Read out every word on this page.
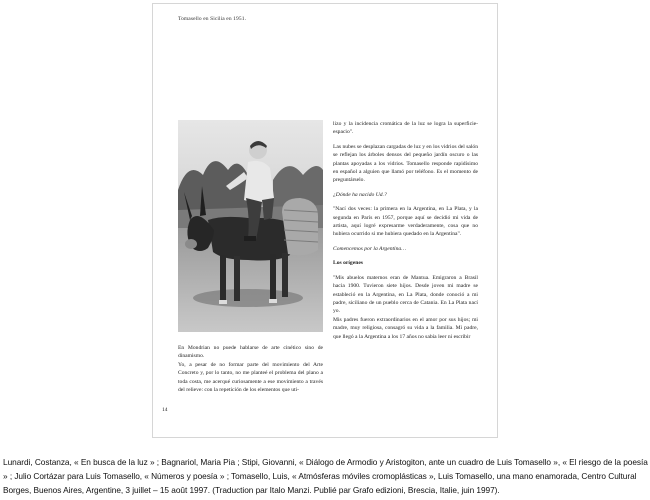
Tomasello en Sicilia en 1951.

En Mondrian no puede hablarse de arte cinético sino de dinamismo.

Yo, a pesar de no formar parte del movimiento del Arte Concreto y, por lo tanto, no me planteé el problema del plano a toda costa, me acerqué curiosamente a ese movimiento a través del relieve: con la repetición de los elementos que uti-

lizo y la incidencia cromática de la luz se logra la superficie-espacio".

Las nubes se desplazan cargadas de luz y en los vidrios del salón se reflejan los árboles densos del pequeño jardín oscuro o las plantas apoyadas a los vidrios. Tomasello responde rapidísimo en español a alguien que llamó por teléfono. Es el momento de preguntárselo.

¿Dónde ha nacido Ud.?

"Nací dos veces: la primera en la Argentina, en La Plata, y la segunda en París en 1957, porque aquí se decidió mi vida de artista, aquí logré expresarme verdaderamente, cosa que no hubiera ocurrido si me hubiera quedado en la Argentina".

Comencemos por la Argentina…

Los orígenes

"Mis abuelos maternos eran de Mantua. Emigraron a Brasil hacia 1900. Tuvieron siete hijos. Desde joven mi madre se estableció en la Argentina, en La Plata, donde conoció a mi padre, siciliano de un pueblo cerca de Catania. En La Plata nací yo.

Mis padres fueron extraordinarios en el amor por sus hijos; mi madre, muy religiosa, consagró su vida a la familia. Mi padre, que llegó a la Argentina a los 17 años no sabía leer ni escribir

14
Lunardi, Costanza, « En busca de la luz » ; Bagnariol, Maria Pia ; Stipi, Giovanni, « Diálogo de Armodio y Aristogiton, ante un cuadro de Luis Tomasello », « El riesgo de la poesía » ; Julio Cortázar para Luis Tomasello, « Números y poesía » ; Tomasello, Luis, « Atmósferas móviles cromoplásticas », Luis Tomasello, una mano enamorada, Centro Cultural Borges, Buenos Aires, Argentine, 3 juillet – 15 août 1997. (Traduction par Italo Manzi. Publié par Grafo edizioni, Brescia, Italie, juin 1997).
